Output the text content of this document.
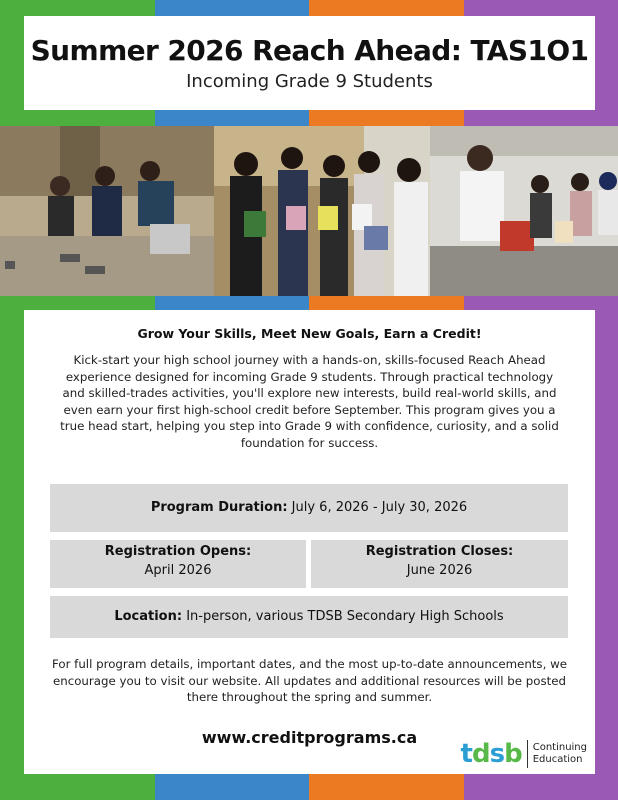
Summer 2026 Reach Ahead: TAS1O1
Incoming Grade 9 Students
Grow Your Skills, Meet New Goals, Earn a Credit!

Kick-start your high school journey with a hands-on, skills-focused Reach Ahead experience designed for incoming Grade 9 students. Through practical technology and skilled-trades activities, you'll explore new interests, build real-world skills, and even earn your first high-school credit before September. This program gives you a true head start, helping you step into Grade 9 with confidence, curiosity, and a solid foundation for success.

Program Duration: July 6, 2026 - July 30, 2026
Registration Opens:
April 2026
Registration Closes:
June 2026
Location: In-person, various TDSB Secondary High Schools

For full program details, important dates, and the most up-to-date announcements, we encourage you to visit our website. All updates and additional resources will be posted there throughout the spring and summer.

www.creditprograms.ca
tdsb Continuing
Education
